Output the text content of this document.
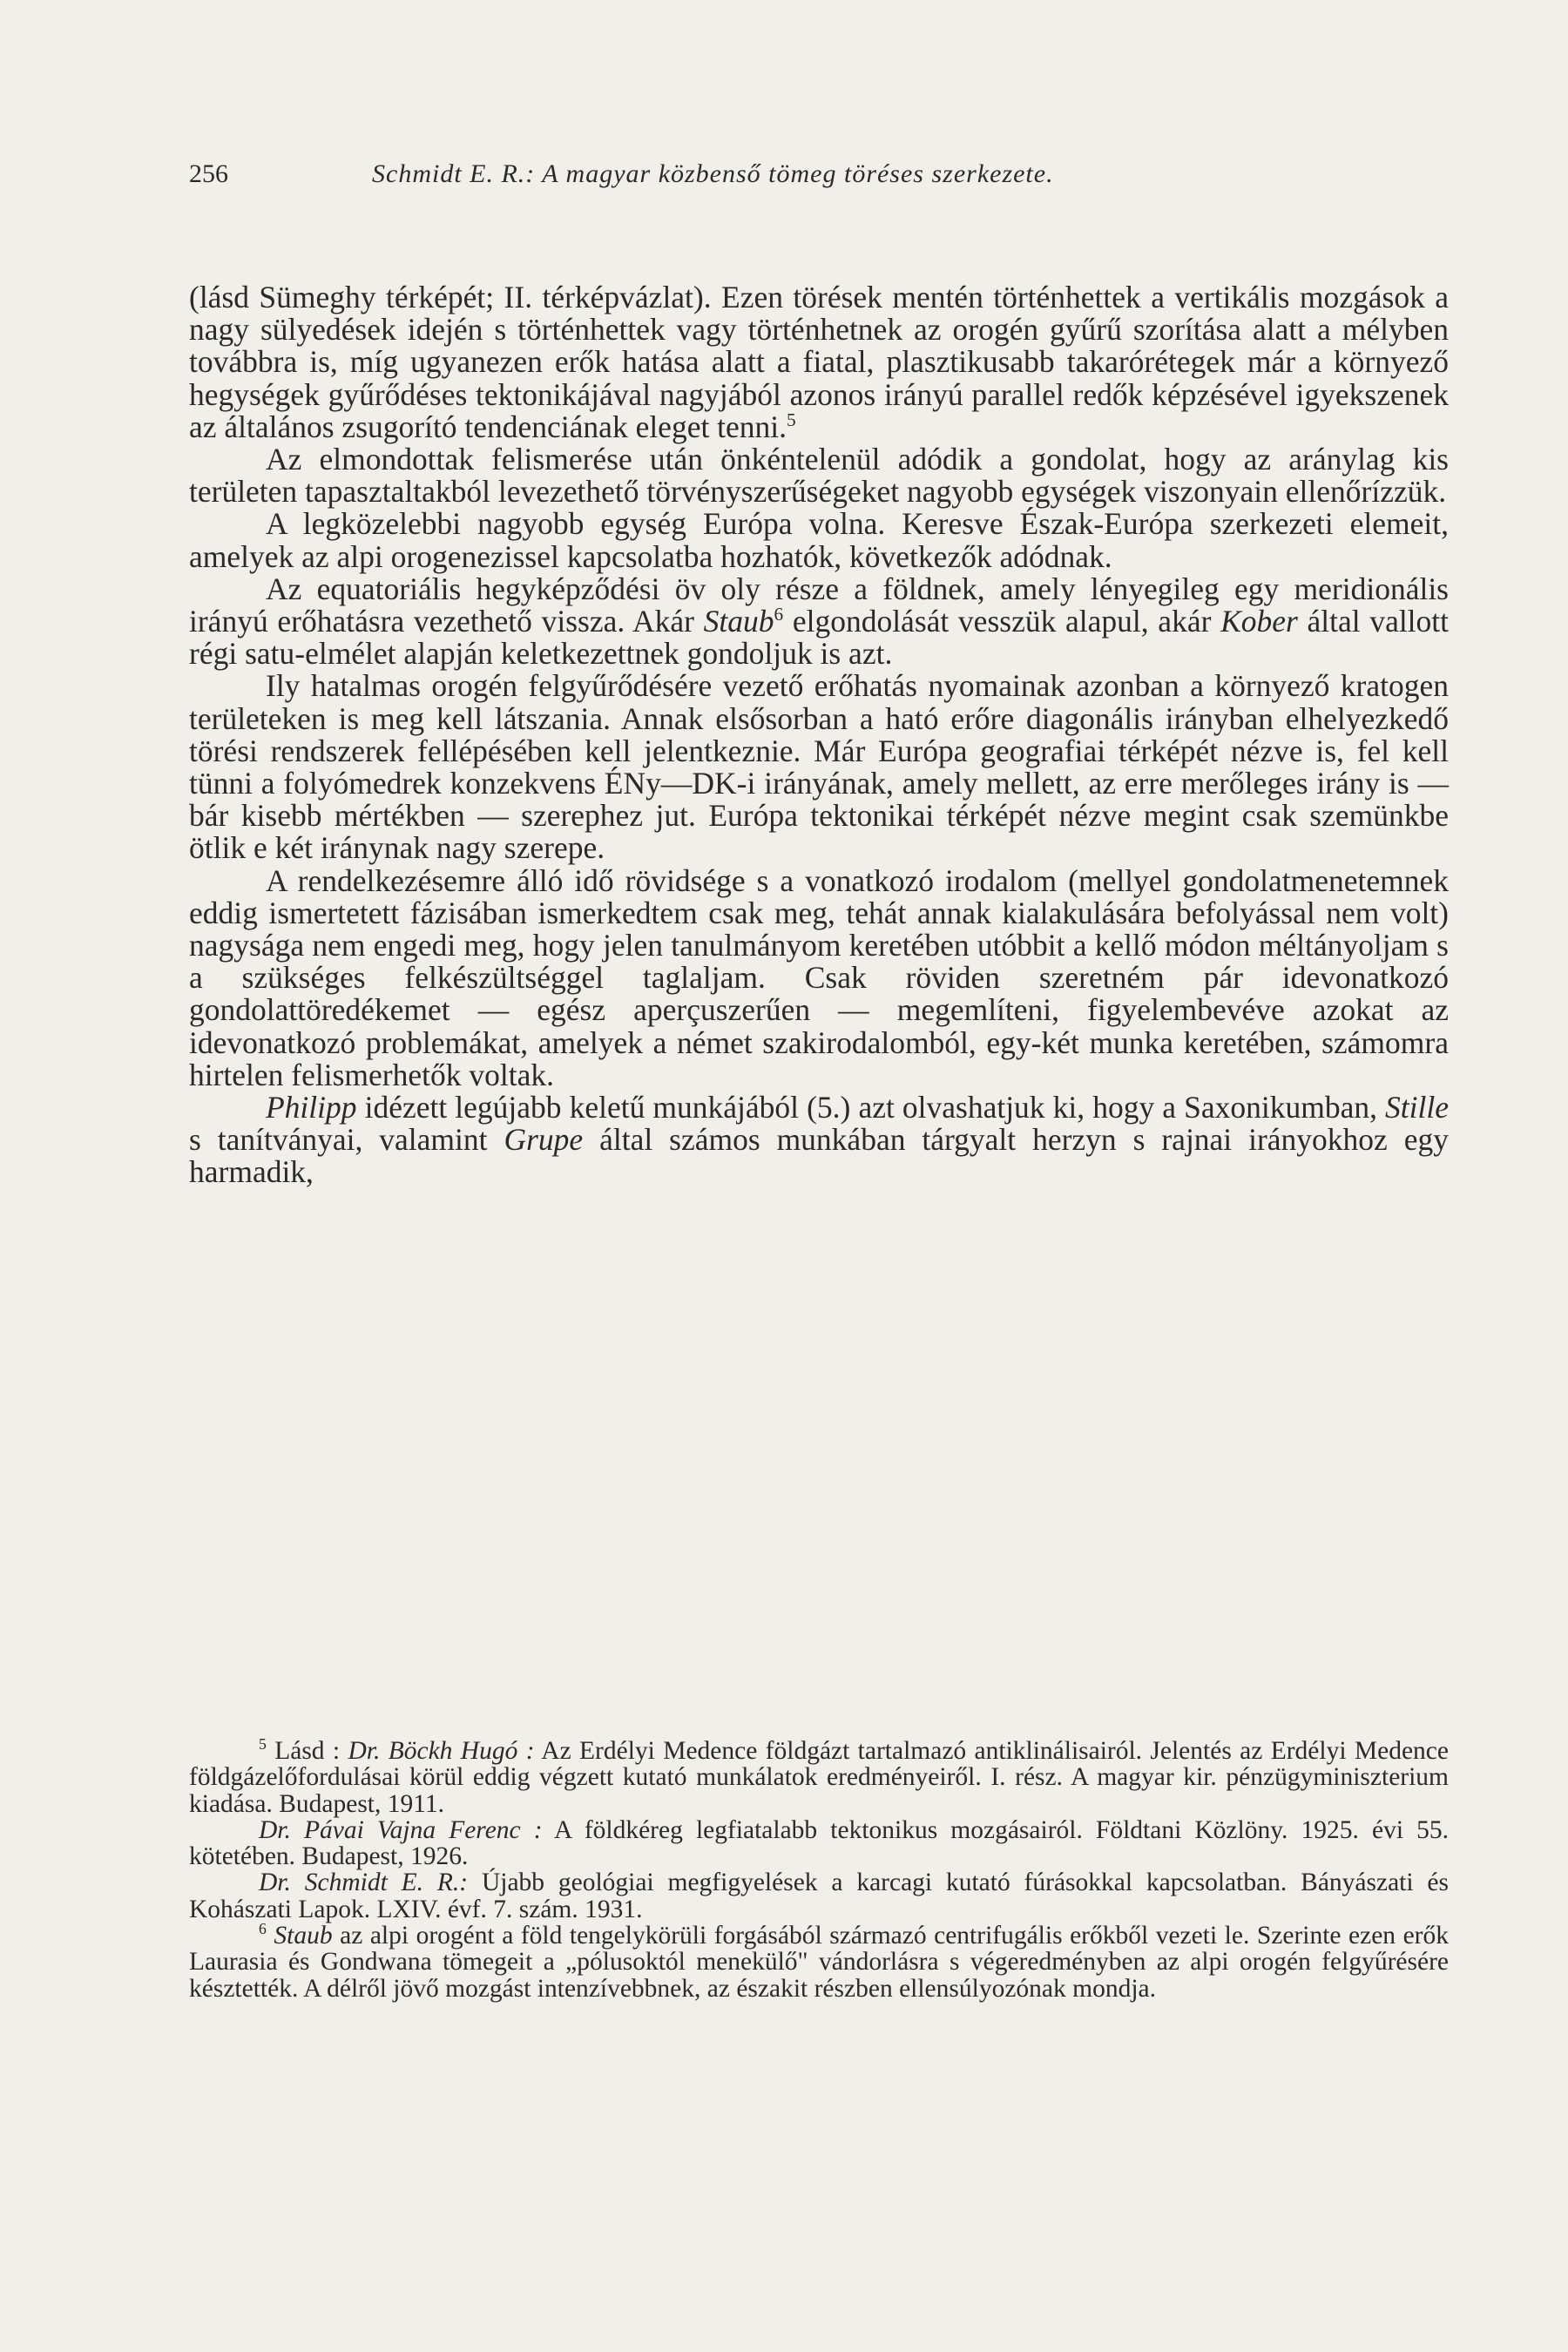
256	Schmidt E. R.: A magyar közbenső tömeg töréses szerkezete.

(lásd Sümeghy térképét; II. térképvázlat). Ezen törések mentén történhettek a vertikális mozgások a nagy sülyedések idején s történhettek vagy történhetnek az orogén gyűrű szorítása alatt a mélyben továbbra is, míg ugyanezen erők hatása alatt a fiatal, plasztikusabb takarórétegek már a környező hegységek gyűrődéses tektonikájával nagyjából azonos irányú parallel redők képzésével igyekszenek az általános zsugorító tendenciának eleget tenni.$^5$

Az elmondottak felismerése után önkéntelenül adódik a gondolat, hogy az aránylag kis területen tapasztaltakból levezethető törvényszerűségeket nagyobb egységek viszonyain ellenőrízzük.

A legközelebbi nagyobb egység Európa volna. Keresve Észak-Európa szerkezeti elemeit, amelyek az alpi orogenezissel kapcsolatba hozhatók, következők adódnak.

Az equatoriális hegyképződési öv oly része a földnek, amely lényegileg egy meridionális irányú erőhatásra vezethető vissza. Akár Staub$^6$ elgondolását vesszük alapul, akár Kober által vallott régi satu-elmélet alapján keletkezettnek gondoljuk is azt.

Ily hatalmas orogén felgyűrődésére vezető erőhatás nyomainak azonban a környező kratogen területeken is meg kell látszania. Annak elsősorban a ható erőre diagonális irányban elhelyezkedő törési rendszerek fellépésében kell jelentkeznie. Már Európa geografiai térképét nézve is, fel kell tünni a folyómedrek konzekvens ÉNy—DK-i irányának, amely mellett, az erre merőleges irány is — bár kisebb mértékben — szerephez jut. Európa tektonikai térképét nézve megint csak szemünkbe ötlik e két iránynak nagy szerepe.

A rendelkezésemre álló idő rövidsége s a vonatkozó irodalom (mellyel gondolatmenetemnek eddig ismertetett fázisában ismerkedtem csak meg, tehát annak kialakulására befolyással nem volt) nagysága nem engedi meg, hogy jelen tanulmányom keretében utóbbit a kellő módon méltányoljam s a szükséges felkészültséggel taglaljam. Csak röviden szeretném pár idevonatkozó gondolattöredékemet — egész aperçuszerűen — megemlíteni, figyelembevéve azokat az idevonatkozó problemákat, amelyek a német szakirodalomból, egy-két munka keretében, számomra hirtelen felismerhetők voltak.

Philipp idézett legújabb keletű munkájából (5.) azt olvashatjuk ki, hogy a Saxonikumban, Stille s tanítványai, valamint Grupe által számos munkában tárgyalt herzyn s rajnai irányokhoz egy harmadik,

$^5$ Lásd : Dr. Böckh Hugó : Az Erdélyi Medence földgázt tartalmazó antiklinálisairól. Jelentés az Erdélyi Medence földgázelőfordulásai körül eddig végzett kutató munkálatok eredményeiről. I. rész. A magyar kir. pénzügyminiszterium kiadása. Budapest, 1911.

Dr. Pávai Vajna Ferenc : A földkéreg legfiatalabb tektonikus mozgásairól. Földtani Közlöny. 1925. évi 55. kötetében. Budapest, 1926.

Dr. Schmidt E. R.: Újabb geológiai megfigyelések a karcagi kutató fúrásokkal kapcsolatban. Bányászati és Kohászati Lapok. LXIV. évf. 7. szám. 1931.

$^6$ Staub az alpi orogént a föld tengelykörüli forgásából származó centrifugális erőkből vezeti le. Szerinte ezen erők Laurasia és Gondwana tömegeit a „pólusoktól menekülő" vándorlásra s végeredményben az alpi orogén felgyűrésére késztették. A délről jövő mozgást intenzívebbnek, az északit részben ellensúlyozónak mondja.
